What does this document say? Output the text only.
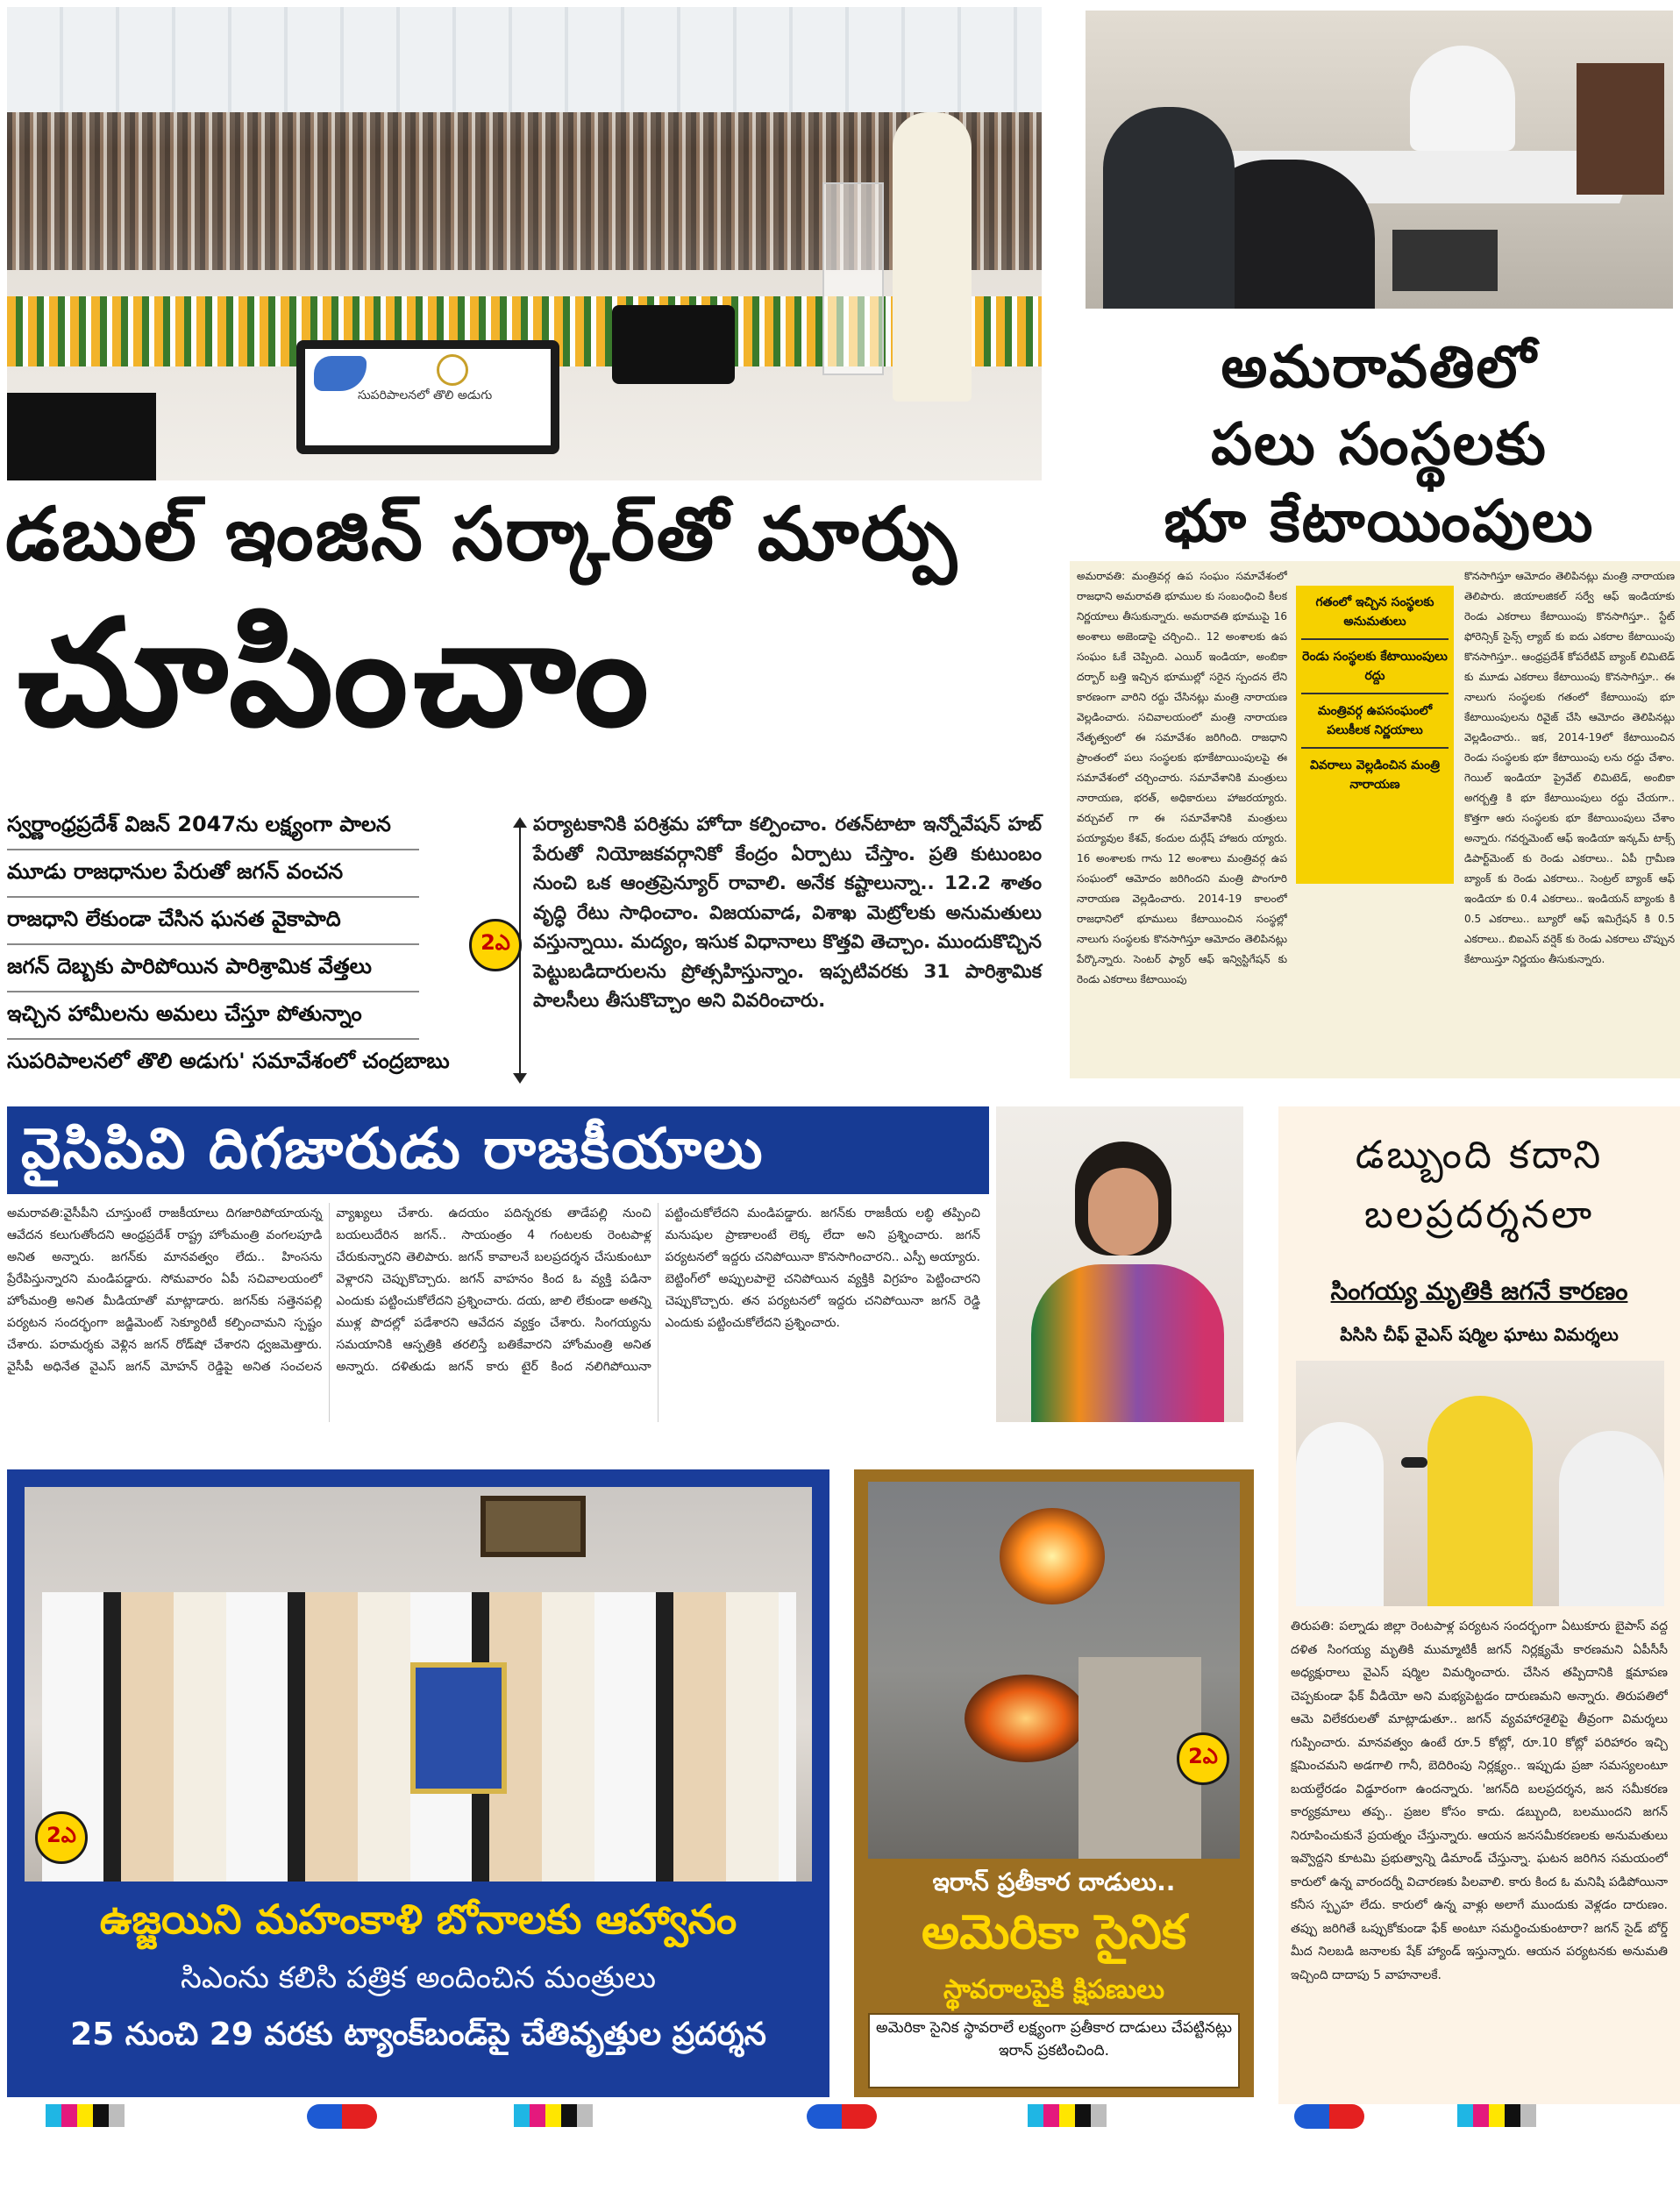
సుపరిపాలనలో తొలి అడుగు
డబుల్ ఇంజిన్ సర్కార్‌తో మార్పు
చూపించాం
స్వర్ణాంధ్రప్రదేశ్ విజన్ 2047ను లక్ష్యంగా పాలన
మూడు రాజధానుల పేరుతో జగన్ వంచన
రాజధాని లేకుండా చేసిన ఘనత వైకాపాది
జగన్ దెబ్బకు పారిపోయిన పారిశ్రామిక వేత్తలు
ఇచ్చిన హామీలను అమలు చేస్తూ పోతున్నాం
సుపరిపాలనలో తొలి అడుగు' సమావేశంలో చంద్రబాబు
2ఎ
పర్యాటకానికి పరిశ్రమ హోదా కల్పించాం. రతన్‌టాటా ఇన్నోవేషన్ హబ్ పేరుతో నియోజకవర్గానికో కేంద్రం ఏర్పాటు చేస్తాం. ప్రతి కుటుంబం నుంచి ఒక ఆంత్రప్రెన్యూర్ రావాలి. అనేక కష్టాలున్నా.. 12.2 శాతం వృద్ధి రేటు సాధించాం. విజయవాడ, విశాఖ మెట్రోలకు అనుమతులు వస్తున్నాయి. మద్యం, ఇసుక విధానాలు కొత్తవి తెచ్చాం. ముందుకొచ్చిన పెట్టుబడిదారులను ప్రోత్సహిస్తున్నాం. ఇప్పటివరకు 31 పారిశ్రామిక పాలసీలు తీసుకొచ్చాం అని వివరించారు.
అమరావతిలో
పలు సంస్థలకు
భూ కేటాయింపులు
అమరావతి: మంత్రివర్గ ఉప సంఘం సమావేశంలో రాజధాని అమరావతి భూముల కు సంబంధించి కీలక నిర్ణయాలు తీసుకున్నారు. అమరావతి భూముపై 16 అంశాలు అజెండాపై చర్చించి.. 12 అంశాలకు ఉప సంఘం ఓకే చెప్పింది. ఎయిర్ ఇండియా, అంబికా దర్బార్ బత్తి ఇచ్చిన భూముల్లో సరైన స్పందన లేని కారణంగా వారిని రద్దు చేసినట్లు మంత్రి నారాయణ వెల్లడించారు. సచివాలయంలో మంత్రి నారాయణ నేతృత్వంలో ఈ సమావేశం జరిగింది. రాజధాని ప్రాంతంలో పలు సంస్థలకు భూకేటాయింపులపై ఈ సమావేశంలో చర్చించారు. సమావేశానికి మంత్రులు నారాయణ, భరత్, అధికారులు హాజరయ్యారు. వర్చువల్ గా ఈ సమావేశానికి మంత్రులు పయ్యావుల కేశవ్, కందుల దుర్గేష్ హాజరు య్యారు. 16 అంశాలకు గాను 12 అంశాలు మంత్రివర్గ ఉప సంఘంలో ఆమోదం జరిగిందని మంత్రి పొంగూరి నారాయణ వెల్లడించారు. 2014-19 కాలంలో రాజధానిలో భూములు కేటాయించిన సంస్థల్లో నాలుగు సంస్థలకు కొనసాగిస్తూ ఆమోదం తెలిపినట్లు పేర్కొన్నారు. సెంటర్ ఫ్యార్ ఆఫ్ ఇన్విస్టిగేషన్ కు రెండు ఎకరాలు కేటాయింపు
గతంలో ఇచ్చిన సంస్థలకు అనుమతులు
రెండు సంస్థలకు కేటాయింపులు రద్దు
మంత్రివర్గ ఉపసంఘంలో పలుకీలక నిర్ణయాలు
వివరాలు వెల్లడించిన మంత్రి నారాయణ
కొనసాగిస్తూ ఆమోదం తెలిపినట్లు మంత్రి నారాయణ తెలిపారు. జియాలజికల్ సర్వే ఆఫ్ ఇండియాకు రెండు ఎకరాలు కేటాయింపు కొనసాగిస్తూ.. స్టేట్ ఫోరెన్సిక్ సైన్స్ ల్యాబ్ కు ఐదు ఎకరాల కేటాయింపు కొనసాగిస్తూ.. ఆంధ్రప్రదేశ్ కోపరేటివ్ బ్యాంక్ లిమిటెడ్ కు మూడు ఎకరాలు కేటాయింపు కొనసాగిస్తూ.. ఈ నాలుగు సంస్థలకు గతంలో కేటాయింపు భూ కేటాయింపులను రివైజ్ చేసి ఆమోదం తెలిపినట్లు వెల్లడించారు.. ఇక, 2014-19లో కేటాయించిన రెండు సంస్థలకు భూ కేటాయింపు లను రద్దు చేశాం. గెయిల్ ఇండియా ప్రైవేట్ లిమిటెడ్, అంబికా అగర్బత్తి కి భూ కేటాయింపులు రద్దు చేయగా.. కొత్తగా ఆరు సంస్థలకు భూ కేటాయింపులు చేశాం అన్నారు. గవర్నమెంట్ ఆఫ్ ఇండియా ఇన్కమ్ టాక్స్ డిపార్ట్‌మెంట్ కు రెండు ఎకరాలు.. ఏపీ గ్రామీణ బ్యాంక్ కు రెండు ఎకరాలు.. సెంట్రల్ బ్యాంక్ ఆఫ్ ఇండియా కు 0.4 ఎకరాలు.. ఇండియన్ బ్యాంకు కి 0.5 ఎకరాలు.. బ్యూరో ఆఫ్ ఇమిగ్రేషన్ కి 0.5 ఎకరాలు.. బిఐఎస్ వర్షెక్ కు రెండు ఎకరాలు చొప్పున కేటాయిస్తూ నిర్ణయం తీసుకున్నారు.
వైసిపివి దిగజారుడు రాజకీయాలు
అమరావతి:వైసీపీని చూస్తుంటే రాజకీయాలు దిగజారిపోయాయన్న ఆవేదన కలుగుతోందని ఆంధ్రప్రదేశ్ రాష్ట్ర హోంమంత్రి వంగలపూడి అనిత అన్నారు. జగన్‌కు మానవత్వం లేదు.. హింసను ప్రేరేపిస్తున్నారని మండిపడ్డారు. సోమవారం ఏపీ సచివాలయంలో హోంమంత్రి అనిత మీడియాతో మాట్లాడారు. జగన్‌కు సత్తెనపల్లి పర్యటన సందర్భంగా జడ్జిమెంట్ సెక్యూరిటీ కల్పించామని స్పష్టం చేశారు. పరామర్శకు వెళ్లిన జగన్ రోడ్‌షో చేశారని ధ్వజమెత్తారు. వైసీపీ అధినేత వైఎస్ జగన్ మోహన్ రెడ్డిపై అనిత సంచలన వ్యాఖ్యలు చేశారు. ఉదయం పదిన్నరకు తాడేపల్లి నుంచి బయలుదేరిన జగన్.. సాయంత్రం 4 గంటలకు రెంటపాళ్ల చేరుకున్నారని తెలిపారు. జగన్ కావాలనే బలప్రదర్శన చేసుకుంటూ వెళ్లారని చెప్పుకొచ్చారు. జగన్ వాహనం కింద ఓ వ్యక్తి పడినా ఎందుకు పట్టించుకోలేదని ప్రశ్నించారు. దయ, జాలి లేకుండా అతన్ని ముళ్ల పొదల్లో పడేశారని ఆవేదన వ్యక్తం చేశారు. సింగయ్యను సమయానికి ఆస్పత్రికి తరలిస్తే బతికేవారని హోంమంత్రి అనిత అన్నారు. దళితుడు జగన్ కారు టైర్ కింద నలిగిపోయినా పట్టించుకోలేదని మండిపడ్డారు. జగన్‌కు రాజకీయ లబ్ధి తప్పించి మనుషుల ప్రాణాలంటే లెక్క లేదా అని ప్రశ్నించారు. జగన్ పర్యటనలో ఇద్దరు చనిపోయినా కొనసాగించారని.. ఎస్పీ అయ్యారు. బెట్టింగ్‌లో అప్పులపాలై చనిపోయిన వ్యక్తికి విగ్రహం పెట్టించారని చెప్పుకొచ్చారు. తన పర్యటనలో ఇద్దరు చనిపోయినా జగన్ రెడ్డి ఎందుకు పట్టించుకోలేదని ప్రశ్నించారు.
డబ్బుంది కదాని
బలప్రదర్శనలా
సింగయ్య మృతికి జగనే కారణం
పిసిసి చీఫ్ వైఎస్ షర్మిల ఘాటు విమర్శలు
తిరుపతి: పల్నాడు జిల్లా రెంటపాళ్ల పర్యటన సందర్భంగా ఏటుకూరు బైపాస్ వద్ద దళిత సింగయ్య మృతికి ముమ్మాటికీ జగన్ నిర్లక్ష్యమే కారణమని ఏపీసీసీ అధ్యక్షురాలు వైఎస్ షర్మిల విమర్శించారు. చేసిన తప్పిదానికి క్షమాపణ చెప్పకుండా ఫేక్ వీడియో అని మభ్యపెట్టడం దారుణమని అన్నారు. తిరుపతిలో ఆమె విలేకరులతో మాట్లాడుతూ.. జగన్ వ్యవహారశైలిపై తీవ్రంగా విమర్శలు గుప్పించారు. మానవత్వం ఉంటే రూ.5 కోట్లో, రూ.10 కోట్లో పరిహారం ఇచ్చి క్షమించమని అడగాలి గానీ, బెదిరింపు నిర్లక్ష్యం.. ఇప్పుడు ప్రజా సమస్యలంటూ బయల్దేరడం విడ్డూరంగా ఉందన్నారు. 'జగన్‌ది బలప్రదర్శన, జన సమీకరణ కార్యక్రమాలు తప్ప.. ప్రజల కోసం కాదు. డబ్బుంది, బలముందని జగన్ నిరూపించుకునే ప్రయత్నం చేస్తున్నారు. ఆయన జనసమీకరణలకు అనుమతులు ఇవ్వొద్దని కూటమి ప్రభుత్వాన్ని డిమాండ్ చేస్తున్నా. ఘటన జరిగిన సమయంలో కారులో ఉన్న వారందర్నీ విచారణకు పిలవాలి. కారు కింద ఓ మనిషి పడిపోయినా కనీస స్పృహ లేదు. కారులో ఉన్న వాళ్లు అలాగే ముందుకు వెళ్లడం దారుణం. తప్పు జరిగితే ఒప్పుకోకుండా ఫేక్ అంటూ సమర్థించుకుంటారా? జగన్ సైడ్ బోర్డ్ మీద నిలబడి జనాలకు షేక్ హ్యాండ్ ఇస్తున్నారు. ఆయన పర్యటనకు అనుమతి ఇచ్చింది దాదాపు 5 వాహనాలకే.
2ఎ
ఉజ్జయిని మహంకాళి బోనాలకు ఆహ్వానం
సిఎంను కలిసి పత్రిక అందించిన మంత్రులు
25 నుంచి 29 వరకు ట్యాంక్‌బండ్‌పై చేతివృత్తుల ప్రదర్శన
2ఎ
ఇరాన్ ప్రతీకార దాడులు..
అమెరికా సైనిక
స్థావరాలపైకి క్షిపణులు
అమెరికా సైనిక స్థావరాలే లక్ష్యంగా ప్రతీకార దాడులు చేపట్టినట్లు ఇరాన్ ప్రకటించింది.
